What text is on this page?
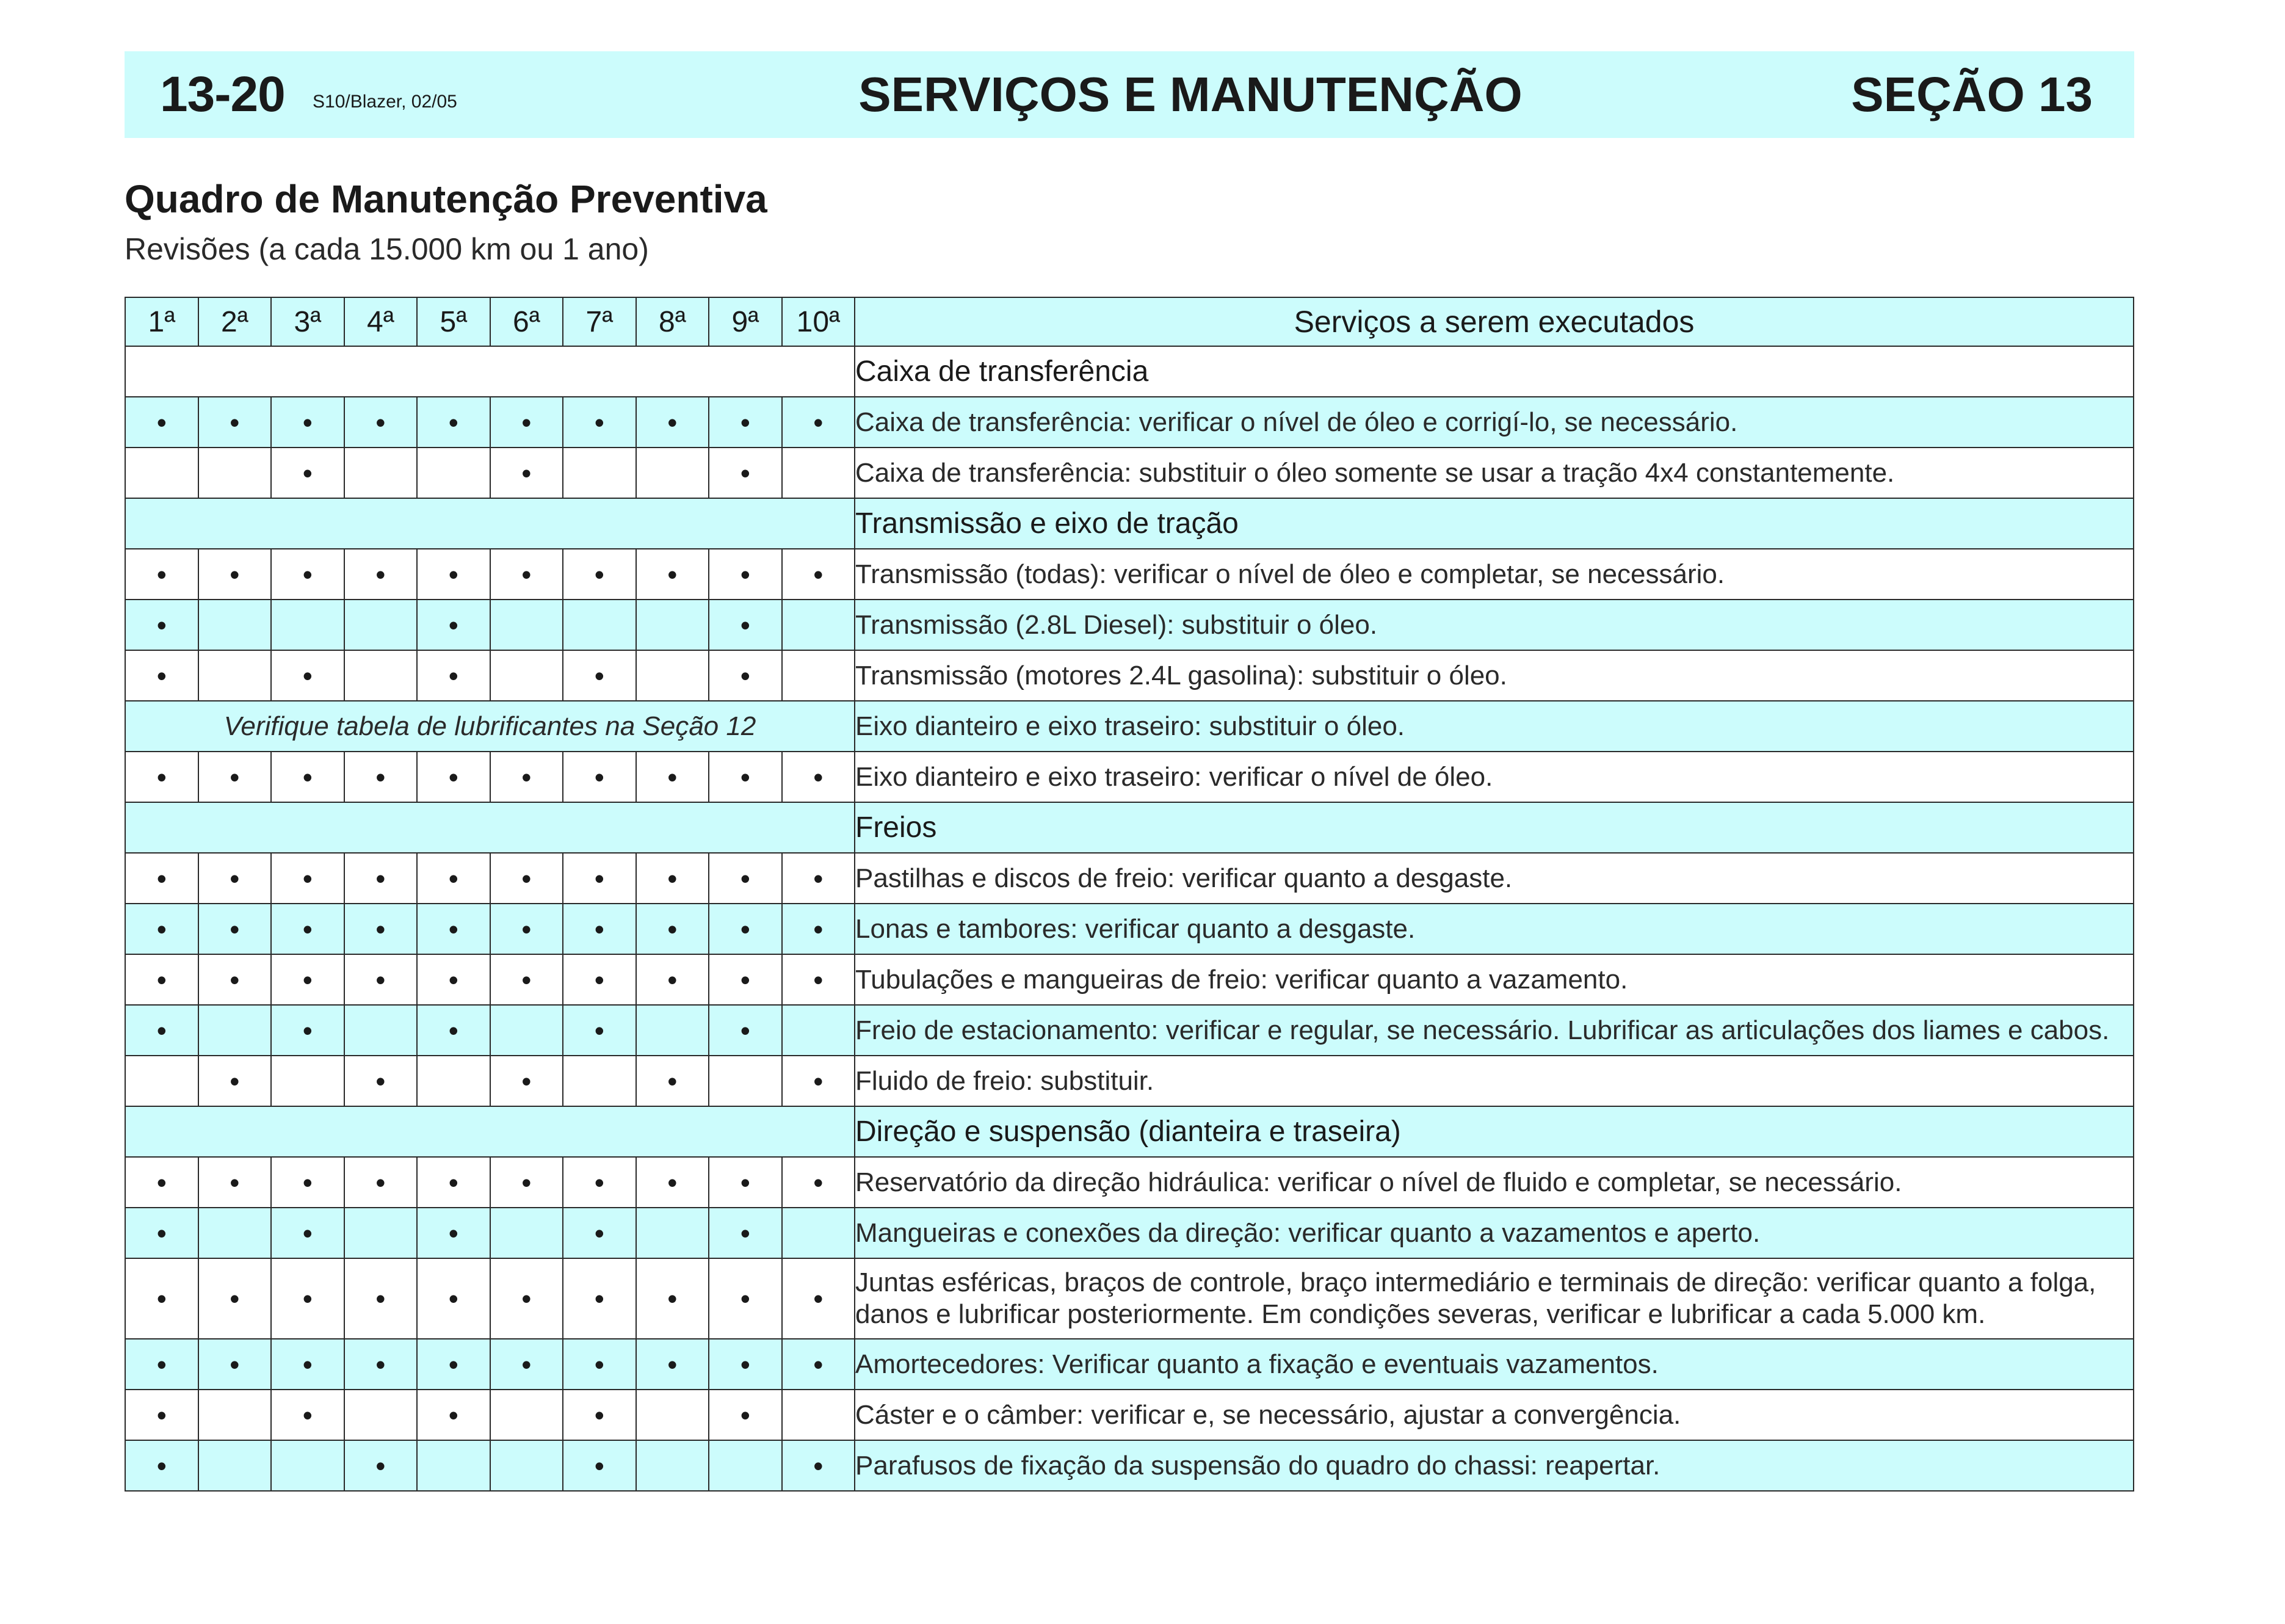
13-20 S10/Blazer, 02/05	SERVIÇOS E MANUTENÇÃO	SEÇÃO 13
Quadro de Manutenção Preventiva
Revisões (a cada 15.000 km ou 1 ano)
1ª	2ª	3ª	4ª	5ª	6ª	7ª	8ª	9ª	10ª	Serviços a serem executados
										Caixa de transferência
•	•	•	•	•	•	•	•	•	•	Caixa de transferência: verificar o nível de óleo e corrigí-lo, se necessário.
		•			•			•		Caixa de transferência: substituir o óleo somente se usar a tração 4x4 constantemente.
										Transmissão e eixo de tração
•	•	•	•	•	•	•	•	•	•	Transmissão (todas): verificar o nível de óleo e completar, se necessário.
•				•				•		Transmissão (2.8L Diesel): substituir o óleo.
•		•		•		•		•		Transmissão (motores 2.4L gasolina): substituir o óleo.
Verifique tabela de lubrificantes na Seção 12										Eixo dianteiro e eixo traseiro: substituir o óleo.
•	•	•	•	•	•	•	•	•	•	Eixo dianteiro e eixo traseiro: verificar o nível de óleo.
										Freios
•	•	•	•	•	•	•	•	•	•	Pastilhas e discos de freio: verificar quanto a desgaste.
•	•	•	•	•	•	•	•	•	•	Lonas e tambores: verificar quanto a desgaste.
•	•	•	•	•	•	•	•	•	•	Tubulações e mangueiras de freio: verificar quanto a vazamento.
•		•		•		•		•		Freio de estacionamento: verificar e regular, se necessário. Lubrificar as articulações dos liames e cabos.
	•		•		•		•		•	Fluido de freio: substituir.
										Direção e suspensão (dianteira e traseira)
•	•	•	•	•	•	•	•	•	•	Reservatório da direção hidráulica: verificar o nível de fluido e completar, se necessário.
•		•		•		•		•		Mangueiras e conexões da direção: verificar quanto a vazamentos e aperto.
•	•	•	•	•	•	•	•	•	•	Juntas esféricas, braços de controle, braço intermediário e terminais de direção: verificar quanto a folga, danos e lubrificar posteriormente. Em condições severas, verificar e lubrificar a cada 5.000 km.
•	•	•	•	•	•	•	•	•	•	Amortecedores: Verificar quanto a fixação e eventuais vazamentos.
•		•		•		•		•		Cáster e o câmber: verificar e, se necessário, ajustar a convergência.
•			•			•			•	Parafusos de fixação da suspensão do quadro do chassi: reapertar.
